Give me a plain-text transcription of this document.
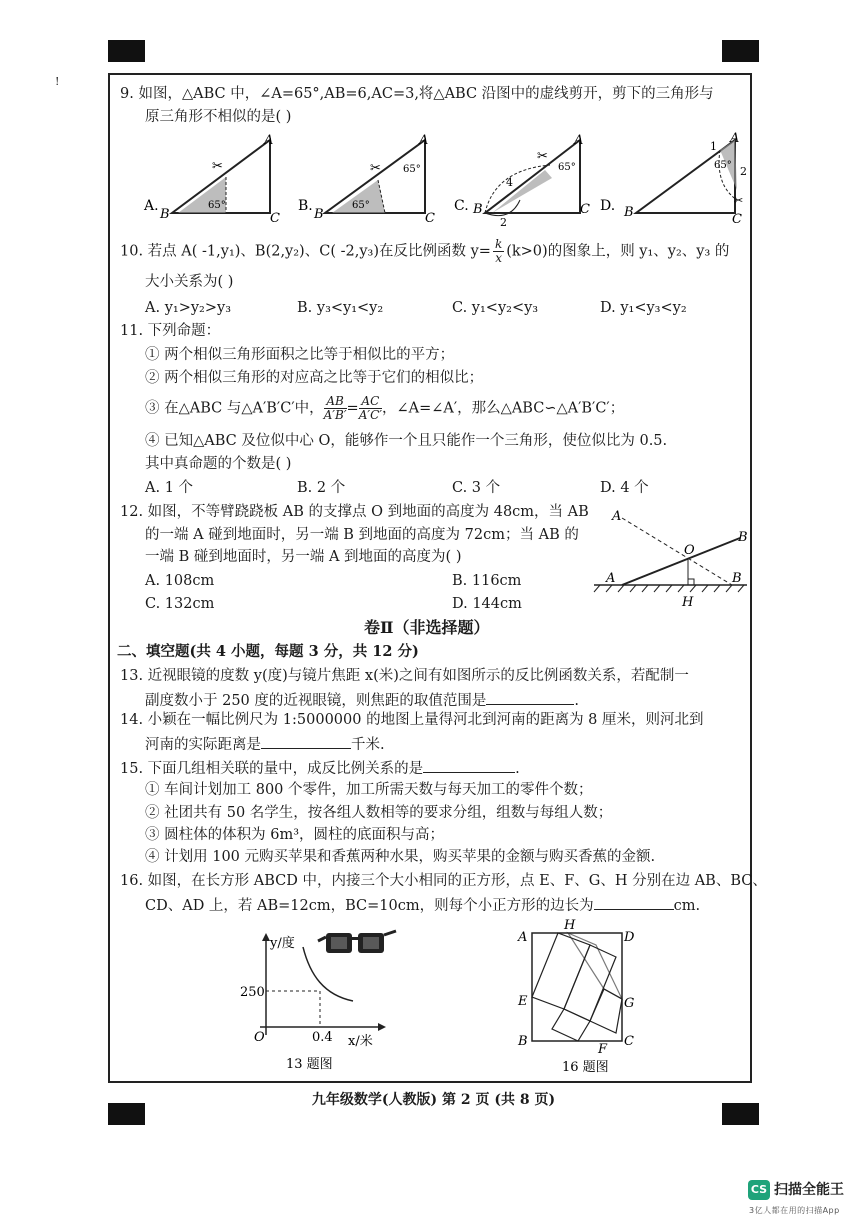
!
9. 如图，△ABC 中，∠A=65°,AB=6,AC=3,将△ABC 沿图中的虚线剪开，剪下的三角形与
原三角形不相似的是( )
A.
A
B	C
65°
✂
B.
A
B	C
65°
65°
✂
C.
A
B	C
65°
4
2
✂
D.
A
B	C
65°
1
2
✂
10. 若点 A( -1,y₁)、B(2,y₂)、C( -2,y₃)在反比例函数 $y= \frac{k}{x} (k>0)$的图象上，则 y₁、y₂、y₃ 的
大小关系为( )
A. y₁>y₂>y₃	B. y₃<y₁<y₂	C. y₁<y₂<y₃	D. y₁<y₃<y₂
11. 下列命题：
① 两个相似三角形面积之比等于相似比的平方；
② 两个相似三角形的对应高之比等于它们的相似比；
③ 在△ABC 与△A′B′C′中， $\frac{AB}{A'B'} = \frac{AC}{A'C'}$ ，∠A=∠A′，那么△ABC∽△A′B′C′；
④ 已知△ABC 及位似中心 O，能够作一个且只能作一个三角形，使位似比为 0.5.
其中真命题的个数是( )
A. 1 个	B. 2 个	C. 3 个	D. 4 个
12. 如图，不等臂跷跷板 AB 的支撑点 O 到地面的高度为 48cm，当 AB
的一端 A 碰到地面时，另一端 B 到地面的高度为 72cm；当 AB 的
一端 B 碰到地面时，另一端 A 到地面的高度为( )
A. 108cm	B. 116cm
C. 132cm	D. 144cm
A
B
O
A	B
H
卷Ⅱ（非选择题）
二、填空题(共 4 小题，每题 3 分，共 12 分)
13. 近视眼镜的度数 y(度)与镜片焦距 x(米)之间有如图所示的反比例函数关系，若配制一
副度数小于 250 度的近视眼镜，则焦距的取值范围是	.
14. 小颖在一幅比例尺为 1:5000000 的地图上量得河北到河南的距离为 8 厘米，则河北到
河南的实际距离是	千米.
15. 下面几组相关联的量中，成反比例关系的是	.
① 车间计划加工 800 个零件，加工所需天数与每天加工的零件个数；
② 社团共有 50 名学生，按各组人数相等的要求分组，组数与每组人数；
③ 圆柱体的体积为 6m³，圆柱的底面积与高；
④ 计划用 100 元购买苹果和香蕉两种水果，购买苹果的金额与购买香蕉的金额.
16. 如图，在长方形 ABCD 中，内接三个大小相同的正方形，点 E、F、G、H 分别在边 AB、BC、
CD、AD 上，若 AB=12cm，BC=10cm，则每个小正方形的边长为	cm.
y/度
250
O	0.4 x/米
13 题图
A
H
D
E	G
B	C
F
16 题图
九年级数学(人教版) 第 2 页 (共 8 页)
CS 扫描全能王
3亿人都在用的扫描App
